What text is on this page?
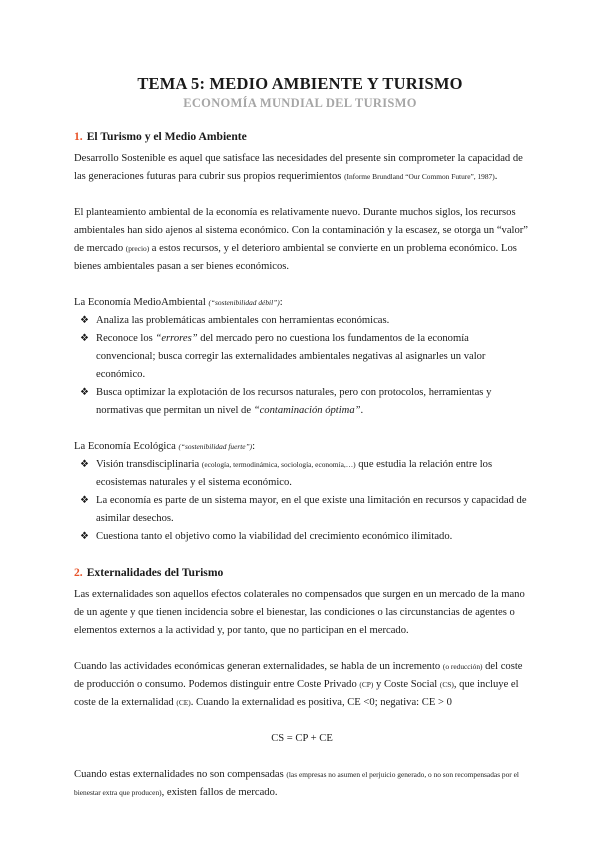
TEMA 5: MEDIO AMBIENTE Y TURISMO
ECONOMÍA MUNDIAL DEL TURISMO
1. El Turismo y el Medio Ambiente

Desarrollo Sostenible es aquel que satisface las necesidades del presente sin comprometer la capacidad de las generaciones futuras para cubrir sus propios requerimientos (Informe Brundland “Our Common Future”, 1987).

El planteamiento ambiental de la economía es relativamente nuevo. Durante muchos siglos, los recursos ambientales han sido ajenos al sistema económico. Con la contaminación y la escasez, se otorga un “valor” de mercado (precio) a estos recursos, y el deterioro ambiental se convierte en un problema económico. Los bienes ambientales pasan a ser bienes económicos.

La Economía MedioAmbiental (“sostenibilidad débil”):

❖ Analiza las problemáticas ambientales con herramientas económicas.
❖ Reconoce los “errores” del mercado pero no cuestiona los fundamentos de la economía convencional; busca corregir las externalidades ambientales negativas al asignarles un valor económico.
❖ Busca optimizar la explotación de los recursos naturales, pero con protocolos, herramientas y normativas que permitan un nivel de “contaminación óptima”.

La Economía Ecológica (“sostenibilidad fuerte”):

❖ Visión transdisciplinaria (ecología, termodinámica, sociología, economía,…) que estudia la relación entre los ecosistemas naturales y el sistema económico.
❖ La economía es parte de un sistema mayor, en el que existe una limitación en recursos y capacidad de asimilar desechos.
❖ Cuestiona tanto el objetivo como la viabilidad del crecimiento económico ilimitado.
2. Externalidades del Turismo

Las externalidades son aquellos efectos colaterales no compensados que surgen en un mercado de la mano de un agente y que tienen incidencia sobre el bienestar, las condiciones o las circunstancias de agentes o elementos externos a la actividad y, por tanto, que no participan en el mercado.

Cuando las actividades económicas generan externalidades, se habla de un incremento (o reducción) del coste de producción o consumo. Podemos distinguir entre Coste Privado (CP) y Coste Social (CS), que incluye el coste de la externalidad (CE). Cuando la externalidad es positiva, CE <0; negativa: CE > 0

CS = CP + CE

Cuando estas externalidades no son compensadas (las empresas no asumen el perjuicio generado, o no son recompensadas por el bienestar extra que producen), existen fallos de mercado.
